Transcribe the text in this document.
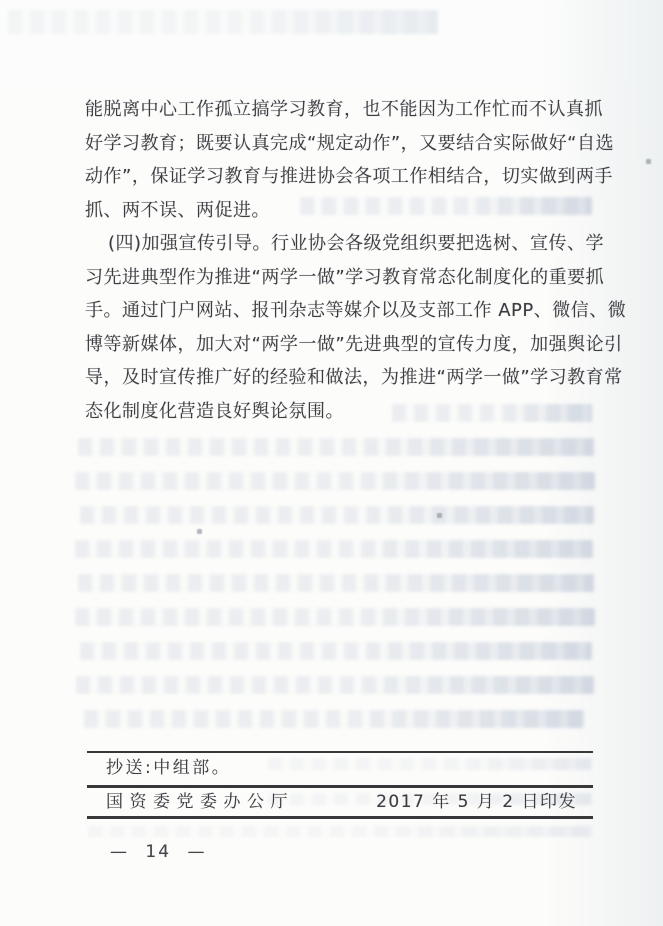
能脱离中心工作孤立搞学习教育，也不能因为工作忙而不认真抓
好学习教育；既要认真完成“规定动作”，又要结合实际做好“自选
动作”，保证学习教育与推进协会各项工作相结合，切实做到两手
抓、两不误、两促进。
(四)加强宣传引导。行业协会各级党组织要把选树、宣传、学
习先进典型作为推进“两学一做”学习教育常态化制度化的重要抓
手。通过门户网站、报刊杂志等媒介以及支部工作 APP、微信、微
博等新媒体，加大对“两学一做”先进典型的宣传力度，加强舆论引
导，及时宣传推广好的经验和做法，为推进“两学一做”学习教育常
态化制度化营造良好舆论氛围。
抄送:中组部。
国资委党委办公厅	2017 年 5 月 2 日印发
— 14 —
